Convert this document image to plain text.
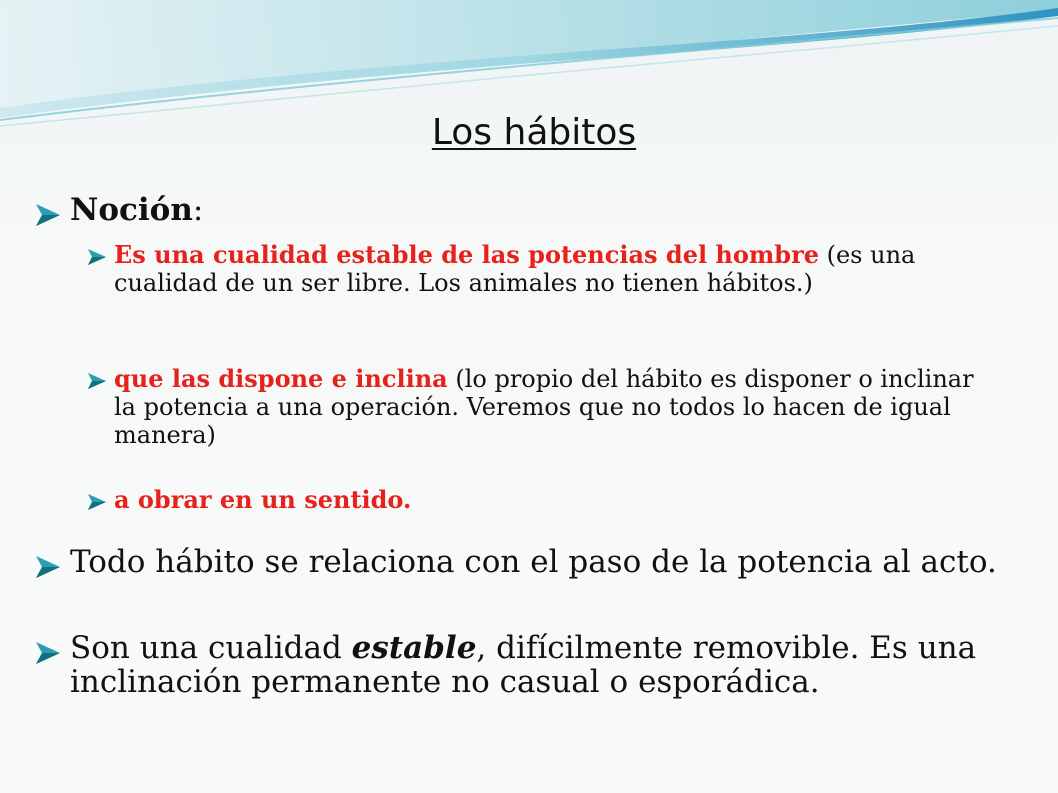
Los hábitos
Noción:
Es una cualidad estable de las potencias del hombre (es una cualidad de un ser libre. Los animales no tienen hábitos.)
que las dispone e inclina (lo propio del hábito es disponer o inclinar la potencia a una operación. Veremos que no todos lo hacen de igual manera)
a obrar en un sentido.
Todo hábito se relaciona con el paso de la potencia al acto.
Son una cualidad estable, difícilmente removible. Es una inclinación permanente no casual o esporádica.
